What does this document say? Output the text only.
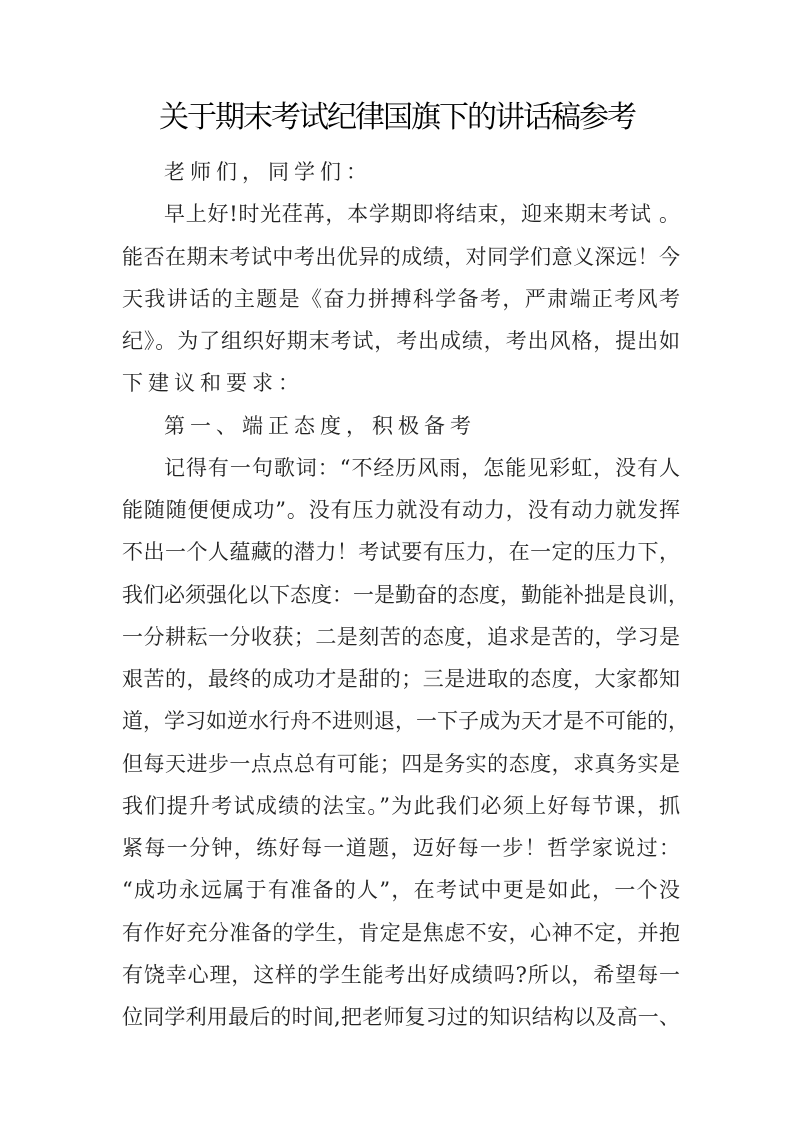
关于期末考试纪律国旗下的讲话稿参考
老师们，同学们：
早上好!时光荏苒，本学期即将结束，迎来期末考试 。
能否在期末考试中考出优异的成绩，对同学们意义深远！今
天我讲话的主题是《奋力拼搏科学备考，严肃端正考风考
纪》。为了组织好期末考试，考出成绩，考出风格，提出如
下建议和要求：
第一、端正态度，积极备考
记得有一句歌词：“不经历风雨，怎能见彩虹，没有人
能随随便便成功”。没有压力就没有动力，没有动力就发挥
不出一个人蕴藏的潜力！考试要有压力，在一定的压力下，
我们必须强化以下态度：一是勤奋的态度，勤能补拙是良训，
一分耕耘一分收获；二是刻苦的态度，追求是苦的，学习是
艰苦的，最终的成功才是甜的；三是进取的态度，大家都知
道，学习如逆水行舟不进则退，一下子成为天才是不可能的，
但每天进步一点点总有可能；四是务实的态度，求真务实是
我们提升考试成绩的法宝。”为此我们必须上好每节课，抓
紧每一分钟，练好每一道题，迈好每一步！哲学家说过：
“成功永远属于有准备的人”，在考试中更是如此，一个没
有作好充分准备的学生，肯定是焦虑不安，心神不定，并抱
有饶幸心理，这样的学生能考出好成绩吗?所以，希望每一
位同学利用最后的时间,把老师复习过的知识结构以及高一、
